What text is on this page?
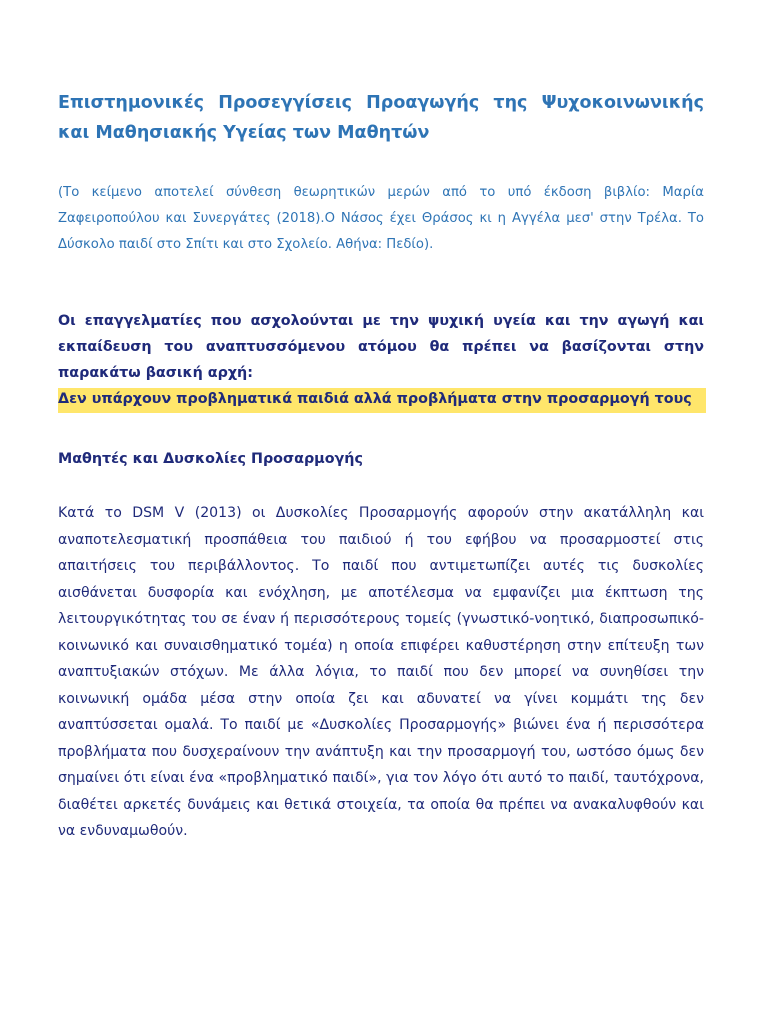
Επιστημονικές Προσεγγίσεις Προαγωγής της Ψυχοκοινωνικής και Μαθησιακής Υγείας των Μαθητών

(Το κείμενο αποτελεί σύνθεση θεωρητικών μερών από το υπό έκδοση βιβλίο: Μαρία Ζαφειροπούλου και Συνεργάτες (2018).Ο Νάσος έχει Θράσος κι η Αγγέλα μεσ' στην Τρέλα. Το Δύσκολο παιδί στο Σπίτι και στο Σχολείο. Αθήνα: Πεδίο).

Οι επαγγελματίες που ασχολούνται με την ψυχική υγεία και την αγωγή και εκπαίδευση του αναπτυσσόμενου ατόμου θα πρέπει να βασίζονται στην παρακάτω βασική αρχή:

Δεν υπάρχουν προβληματικά παιδιά αλλά προβλήματα στην προσαρμογή τους

Μαθητές και Δυσκολίες Προσαρμογής

Κατά το DSM V (2013) οι Δυσκολίες Προσαρμογής αφορούν στην ακατάλληλη και αναποτελεσματική προσπάθεια του παιδιού ή του εφήβου να προσαρμοστεί στις απαιτήσεις του περιβάλλοντος. Το παιδί που αντιμετωπίζει αυτές τις δυσκολίες αισθάνεται δυσφορία και ενόχληση, με αποτέλεσμα να εμφανίζει μια έκπτωση της λειτουργικότητας του σε έναν ή περισσότερους τομείς (γνωστικό-νοητικό, διαπροσωπικό-κοινωνικό και συναισθηματικό τομέα) η οποία επιφέρει καθυστέρηση στην επίτευξη των αναπτυξιακών στόχων. Με άλλα λόγια, το παιδί που δεν μπορεί να συνηθίσει την κοινωνική ομάδα μέσα στην οποία ζει και αδυνατεί να γίνει κομμάτι της δεν αναπτύσσεται ομαλά. Το παιδί με «Δυσκολίες Προσαρμογής» βιώνει ένα ή περισσότερα προβλήματα που δυσχεραίνουν την ανάπτυξη και την προσαρμογή του, ωστόσο όμως δεν σημαίνει ότι είναι ένα «προβληματικό παιδί», για τον λόγο ότι αυτό το παιδί, ταυτόχρονα, διαθέτει αρκετές δυνάμεις και θετικά στοιχεία, τα οποία θα πρέπει να ανακαλυφθούν και να ενδυναμωθούν.
